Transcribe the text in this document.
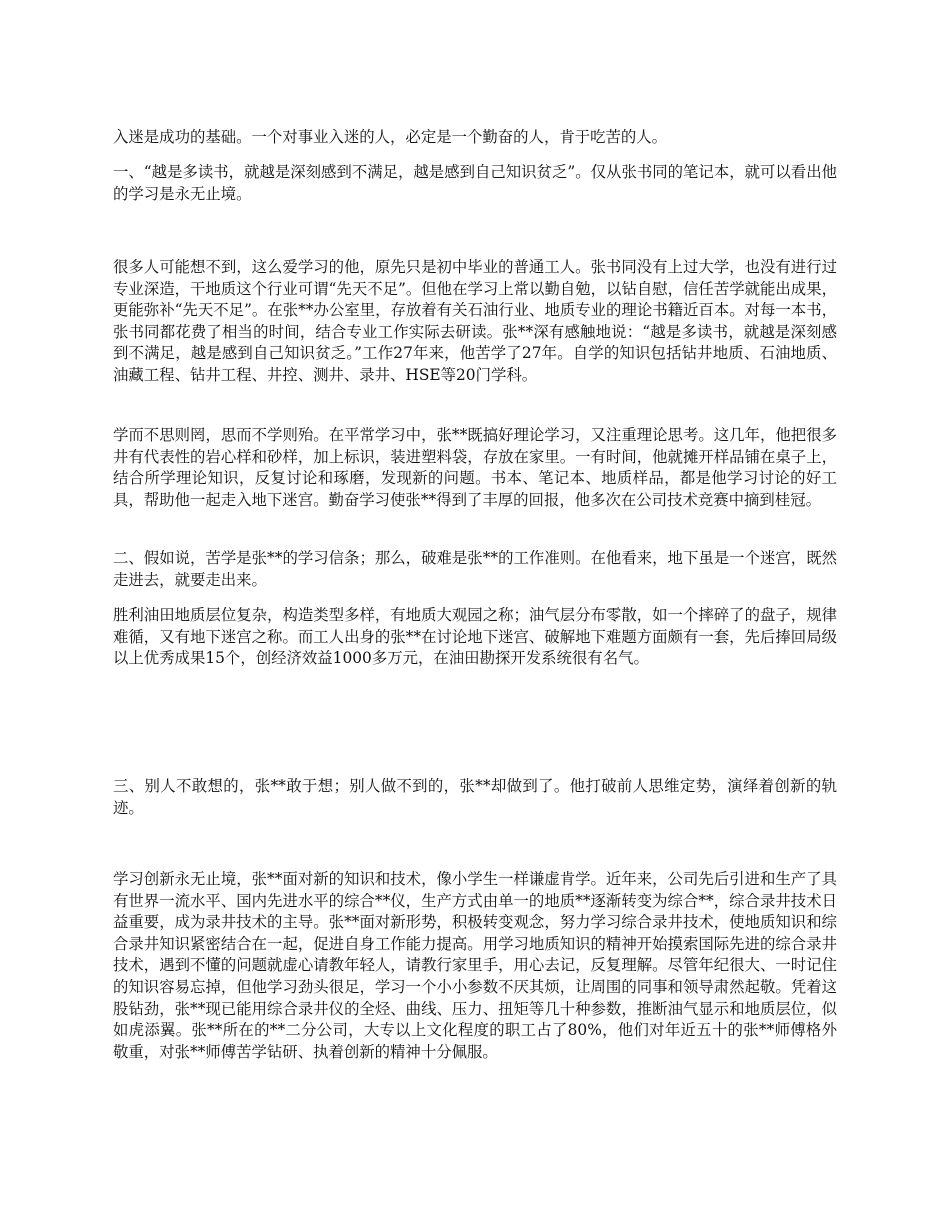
入迷是成功的基础。一个对事业入迷的人，必定是一个勤奋的人，肯于吃苦的人。

一、“越是多读书，就越是深刻感到不满足，越是感到自己知识贫乏”。仅从张书同的笔记本，就可以看出他的学习是永无止境。

很多人可能想不到，这么爱学习的他，原先只是初中毕业的普通工人。张书同没有上过大学，也没有进行过专业深造，干地质这个行业可谓“先天不足”。但他在学习上常以勤自勉，以钻自慰，信任苦学就能出成果，更能弥补“先天不足”。在张**办公室里，存放着有关石油行业、地质专业的理论书籍近百本。对每一本书，张书同都花费了相当的时间，结合专业工作实际去研读。张**深有感触地说：“越是多读书，就越是深刻感到不满足，越是感到自己知识贫乏。”工作27年来，他苦学了27年。自学的知识包括钻井地质、石油地质、油藏工程、钻井工程、井控、测井、录井、HSE等20门学科。

学而不思则罔，思而不学则殆。在平常学习中，张**既搞好理论学习，又注重理论思考。这几年，他把很多井有代表性的岩心样和砂样，加上标识，装进塑料袋，存放在家里。一有时间，他就摊开样品铺在桌子上，结合所学理论知识，反复讨论和琢磨，发现新的问题。书本、笔记本、地质样品，都是他学习讨论的好工具，帮助他一起走入地下迷宫。勤奋学习使张**得到了丰厚的回报，他多次在公司技术竞赛中摘到桂冠。

二、假如说，苦学是张**的学习信条；那么，破难是张**的工作准则。在他看来，地下虽是一个迷宫，既然走进去，就要走出来。

胜利油田地质层位复杂，构造类型多样，有地质大观园之称；油气层分布零散，如一个摔碎了的盘子，规律难循，又有地下迷宫之称。而工人出身的张**在讨论地下迷宫、破解地下难题方面颇有一套，先后捧回局级以上优秀成果15个，创经济效益1000多万元，在油田勘探开发系统很有名气。

三、别人不敢想的，张**敢于想；别人做不到的，张**却做到了。他打破前人思维定势，演绎着创新的轨迹。

学习创新永无止境，张**面对新的知识和技术，像小学生一样谦虚肯学。近年来，公司先后引进和生产了具有世界一流水平、国内先进水平的综合**仪，生产方式由单一的地质**逐渐转变为综合**，综合录井技术日益重要，成为录井技术的主导。张**面对新形势，积极转变观念，努力学习综合录井技术，使地质知识和综合录井知识紧密结合在一起，促进自身工作能力提高。用学习地质知识的精神开始摸索国际先进的综合录井技术，遇到不懂的问题就虚心请教年轻人，请教行家里手，用心去记，反复理解。尽管年纪很大、一时记住的知识容易忘掉，但他学习劲头很足，学习一个小小参数不厌其烦，让周围的同事和领导肃然起敬。凭着这股钻劲，张**现已能用综合录井仪的全烃、曲线、压力、扭矩等几十种参数，推断油气显示和地质层位，似如虎添翼。张**所在的**二分公司，大专以上文化程度的职工占了80%，他们对年近五十的张**师傅格外敬重，对张**师傅苦学钻研、执着创新的精神十分佩服。
